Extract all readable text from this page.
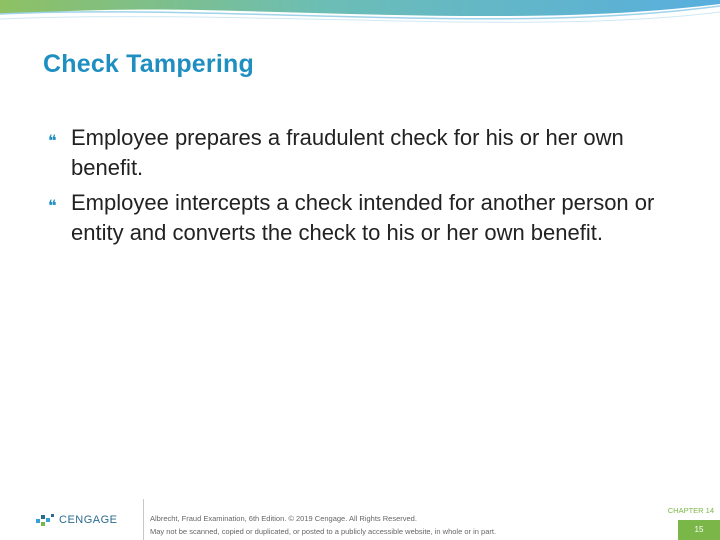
Check Tampering
❝ Employee prepares a fraudulent check for his or her own benefit.
❝ Employee intercepts a check intended for another person or entity and converts the check to his or her own benefit.
CENGAGE	Albrecht, Fraud Examination, 6th Edition. © 2019 Cengage. All Rights Reserved.
May not be scanned, copied or duplicated, or posted to a publicly accessible website, in whole or in part.
CHAPTER 14
15
